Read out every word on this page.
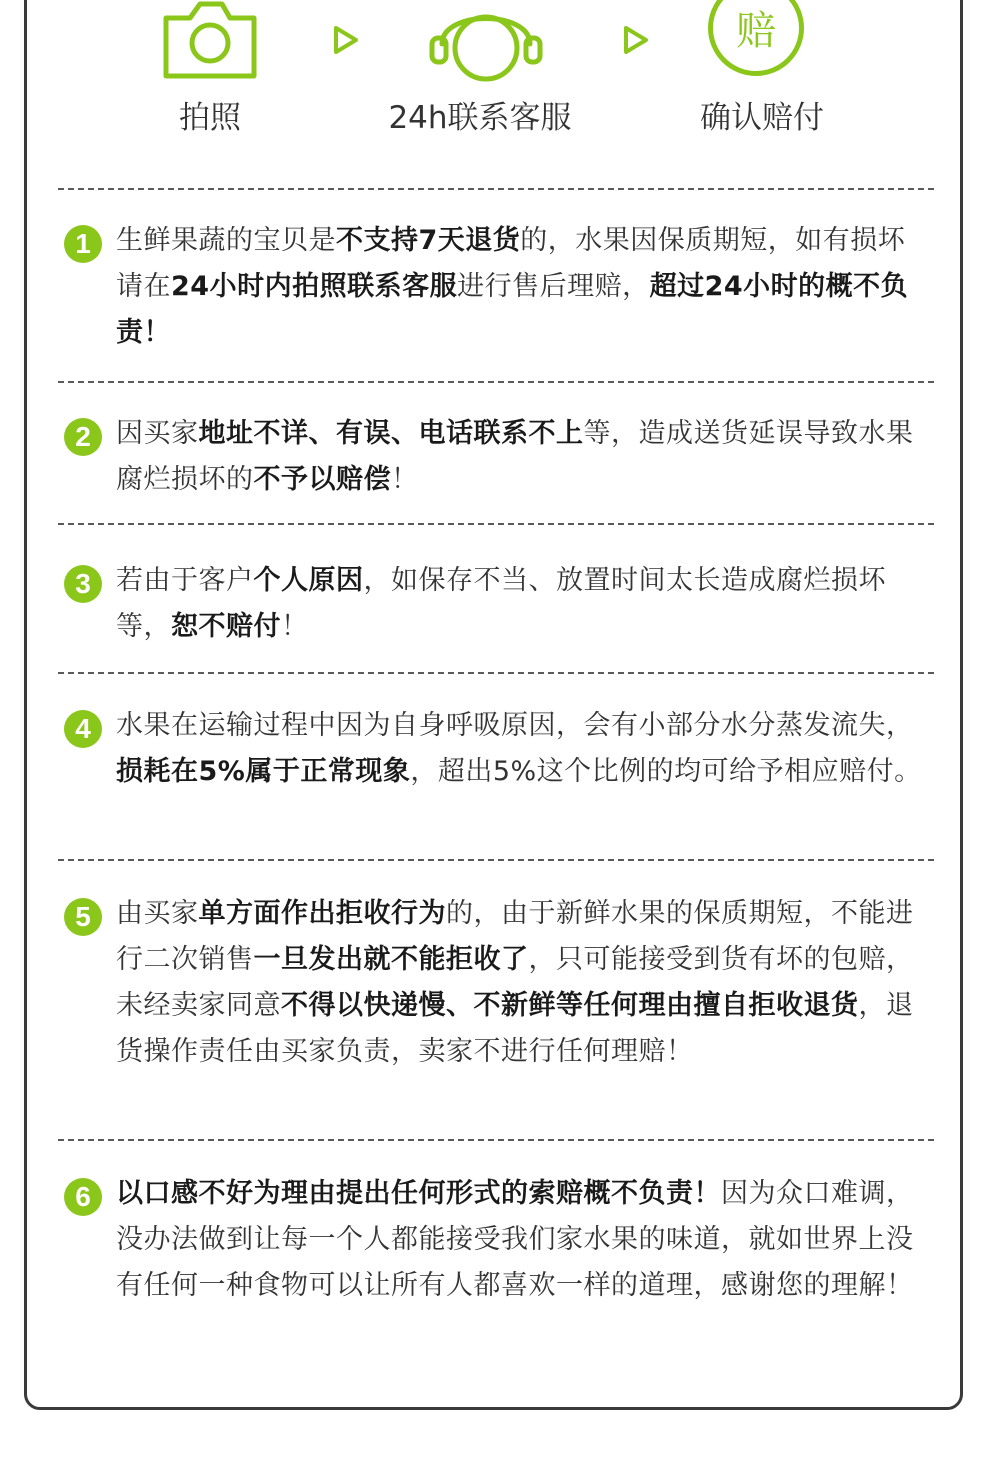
拍照	24h联系客服
赔
确认赔付
1 生鲜果蔬的宝贝是不支持7天退货的，水果因保质期短，如有损坏请在24小时内拍照联系客服进行售后理赔，超过24小时的概不负责！
2 因买家地址不详、有误、电话联系不上等，造成送货延误导致水果腐烂损坏的不予以赔偿！
3 若由于客户个人原因，如保存不当、放置时间太长造成腐烂损坏等，恕不赔付！
4 水果在运输过程中因为自身呼吸原因，会有小部分水分蒸发流失，损耗在5%属于正常现象，超出5%这个比例的均可给予相应赔付。
5 由买家单方面作出拒收行为的，由于新鲜水果的保质期短，不能进行二次销售一旦发出就不能拒收了，只可能接受到货有坏的包赔，未经卖家同意不得以快递慢、不新鲜等任何理由擅自拒收退货，退货操作责任由买家负责，卖家不进行任何理赔！
6 以口感不好为理由提出任何形式的索赔概不负责！因为众口难调，没办法做到让每一个人都能接受我们家水果的味道，就如世界上没有任何一种食物可以让所有人都喜欢一样的道理，感谢您的理解！
